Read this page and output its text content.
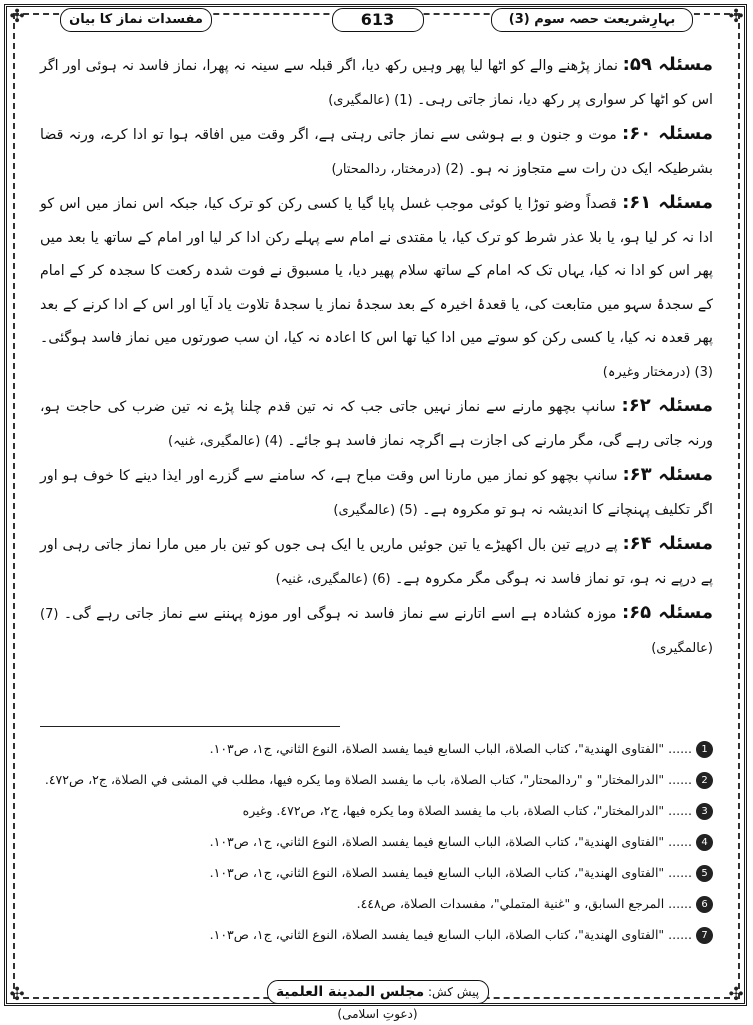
✣	✣
✣	✣
بہارِشریعت حصہ سوم (3)
613
مفسدات نماز کا بیان

مسئلہ ۵۹: نماز پڑھنے والے کو اٹھا لیا پھر وہیں رکھ دیا، اگر قبلہ سے سینہ نہ پھرا، نماز فاسد نہ ہوئی اور اگر اس کو اٹھا کر سواری پر رکھ دیا، نماز جاتی رہی۔ (1) (عالمگیری)

مسئلہ ۶۰: موت و جنون و بے ہوشی سے نماز جاتی رہتی ہے، اگر وقت میں افاقہ ہوا تو ادا کرے، ورنہ قضا بشرطیکہ ایک دن رات سے متجاوز نہ ہو۔ (2) (درمختار، ردالمحتار)

مسئلہ ۶۱: قصداً وضو توڑا یا کوئی موجب غسل پایا گیا یا کسی رکن کو ترک کیا، جبکہ اس نماز میں اس کو ادا نہ کر لیا ہو، یا بلا عذر شرط کو ترک کیا، یا مقتدی نے امام سے پہلے رکن ادا کر لیا اور امام کے ساتھ یا بعد میں پھر اس کو ادا نہ کیا، یہاں تک کہ امام کے ساتھ سلام پھیر دیا، یا مسبوق نے فوت شدہ رکعت کا سجدہ کر کے امام کے سجدۂ سہو میں متابعت کی، یا قعدۂ اخیرہ کے بعد سجدۂ نماز یا سجدۂ تلاوت یاد آیا اور اس کے ادا کرنے کے بعد پھر قعدہ نہ کیا، یا کسی رکن کو سوتے میں ادا کیا تھا اس کا اعادہ نہ کیا، ان سب صورتوں میں نماز فاسد ہوگئی۔ (3) (درمختار وغیرہ)

مسئلہ ۶۲: سانپ بچھو مارنے سے نماز نہیں جاتی جب کہ نہ تین قدم چلنا پڑے نہ تین ضرب کی حاجت ہو، ورنہ جاتی رہے گی، مگر مارنے کی اجازت ہے اگرچہ نماز فاسد ہو جائے۔ (4) (عالمگیری، غنیہ)

مسئلہ ۶۳: سانپ بچھو کو نماز میں مارنا اس وقت مباح ہے، کہ سامنے سے گزرے اور ایذا دینے کا خوف ہو اور اگر تکلیف پہنچانے کا اندیشہ نہ ہو تو مکروہ ہے۔ (5) (عالمگیری)

مسئلہ ۶۴: پے درپے تین بال اکھیڑے یا تین جوئیں ماریں یا ایک ہی جوں کو تین بار میں مارا نماز جاتی رہی اور پے درپے نہ ہو، تو نماز فاسد نہ ہوگی مگر مکروہ ہے۔ (6) (عالمگیری، غنیہ)

مسئلہ ۶۵: موزہ کشادہ ہے اسے اتارنے سے نماز فاسد نہ ہوگی اور موزہ پہننے سے نماز جاتی رہے گی۔ (7) (عالمگیری)

1...... "الفتاوى الهندية"، كتاب الصلاة، الباب السابع فيما يفسد الصلاة، النوع الثاني، ج١، ص١٠٣.

2...... "الدرالمختار" و "ردالمحتار"، كتاب الصلاة، باب ما يفسد الصلاة وما يكره فيها، مطلب في المشى في الصلاة، ج٢، ص٤٧٢.

3...... "الدرالمختار"، كتاب الصلاة، باب ما يفسد الصلاة وما يكره فيها، ج٢، ص٤٧٢. وغيره

4...... "الفتاوى الهندية"، كتاب الصلاة، الباب السابع فيما يفسد الصلاة، النوع الثاني، ج١، ص١٠٣.

5...... "الفتاوى الهندية"، كتاب الصلاة، الباب السابع فيما يفسد الصلاة، النوع الثاني، ج١، ص١٠٣.

6...... المرجع السابق، و "غنية المتملي"، مفسدات الصلاة، ص٤٤٨.

7...... "الفتاوى الهندية"، كتاب الصلاة، الباب السابع فيما يفسد الصلاة، النوع الثاني، ج١، ص١٠٣.

پیش کش: مجلس المدينة العلمية (دعوتِ اسلامی)
